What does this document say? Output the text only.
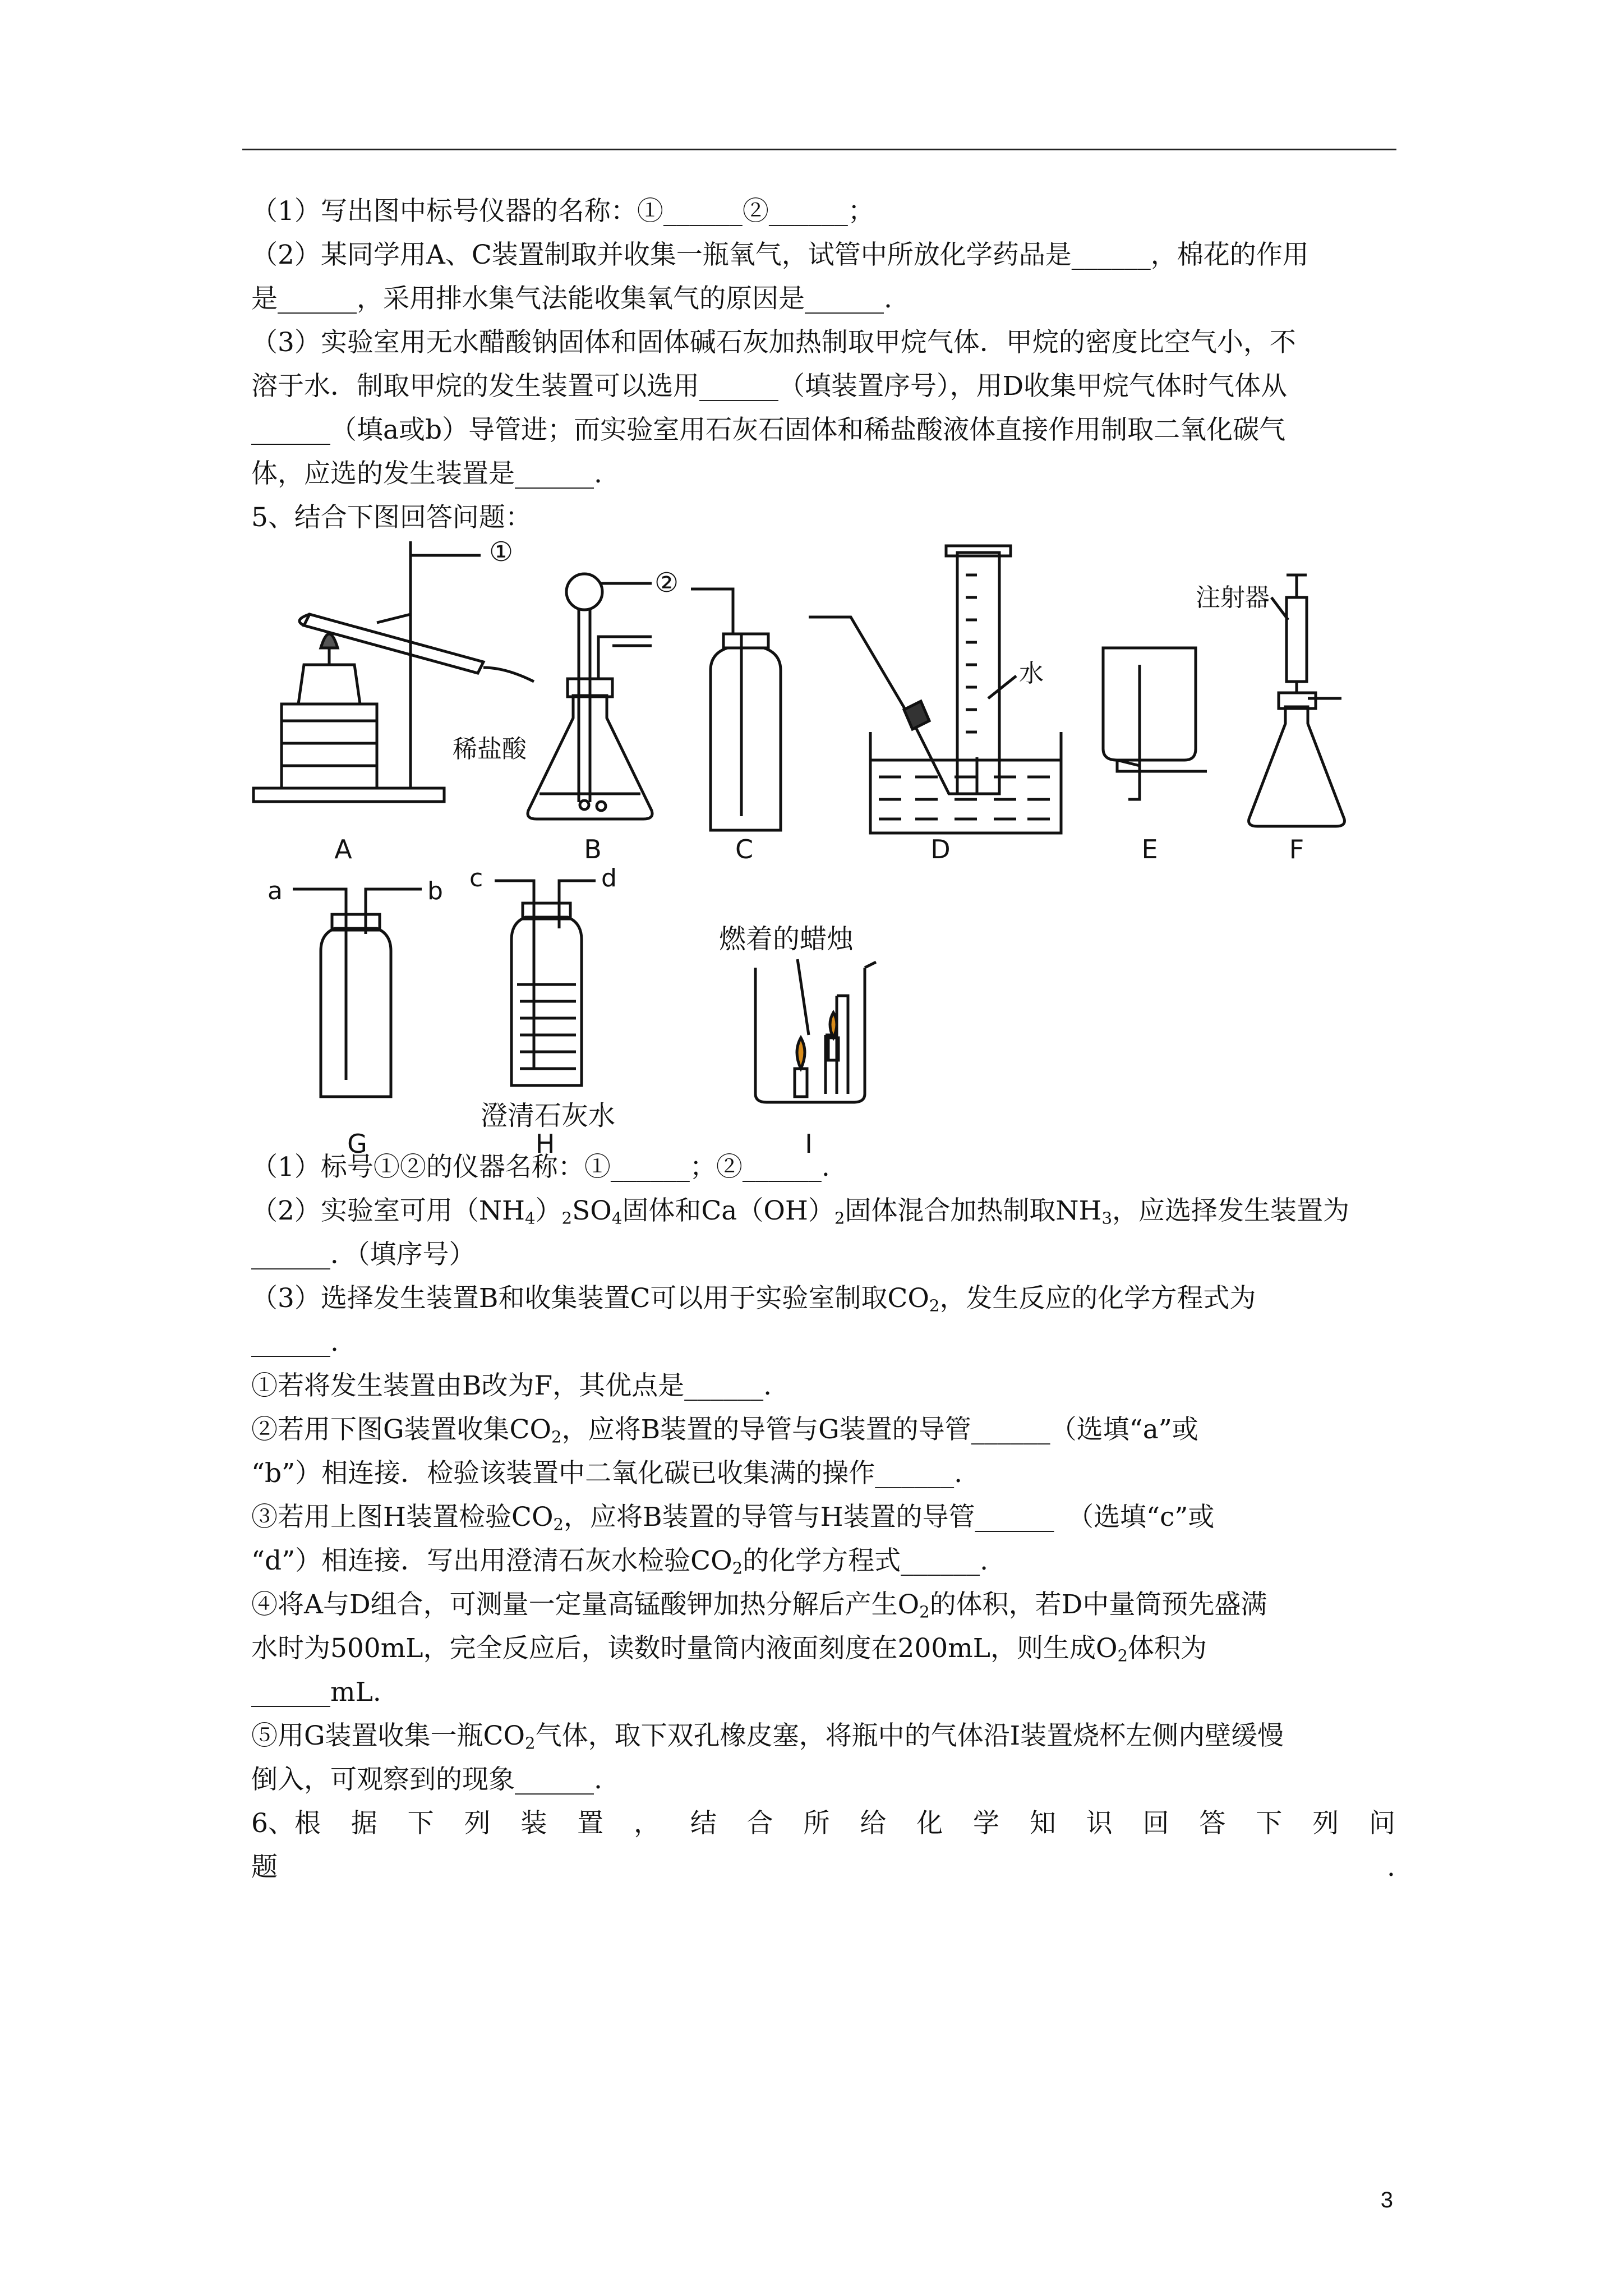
（1）写出图中标号仪器的名称：①______②______；
（2）某同学用A、C装置制取并收集一瓶氧气，试管中所放化学药品是______，棉花的作用
是______，采用排水集气法能收集氧气的原因是______.
（3）实验室用无水醋酸钠固体和固体碱石灰加热制取甲烷气体．甲烷的密度比空气小，不
溶于水．制取甲烷的发生装置可以选用______（填装置序号），用D收集甲烷气体时气体从
______（填a或b）导管进；而实验室用石灰石固体和稀盐酸液体直接作用制取二氧化碳气
体，应选的发生装置是______.
5、结合下图回答问题：
①
②
稀盐酸
水
注射器
A	B	C	D	E	F
a	b c	d
澄清石灰水
燃着的蜡烛
G	H	I
（1）标号①②的仪器名称：①______；②______.
（2）实验室可用$(NH_4)_2SO_4$固体和$Ca(OH)_2$固体混合加热制取$NH_3$，应选择发生装置为
______．（填序号）
（3）选择发生装置B和收集装置C可以用于实验室制取$CO_2$，发生反应的化学方程式为
______.
①若将发生装置由B改为F，其优点是______.
②若用下图G装置收集$CO_2$，应将B装置的导管与G装置的导管______（选填“a”或
“b”）相连接．检验该装置中二氧化碳已收集满的操作______.
③若用上图H装置检验$CO_2$，应将B装置的导管与H装置的导管______　（选填“c”或
“d”）相连接．写出用澄清石灰水检验$CO_2$的化学方程式______.
④将A与D组合，可测量一定量高锰酸钾加热分解后产生$O_2$的体积，若D中量筒预先盛满
水时为500mL，完全反应后，读数时量筒内液面刻度在200mL，则生成$O_2$体积为
______mL.
⑤用G装置收集一瓶$CO_2$气体，取下双孔橡皮塞，将瓶中的气体沿I装置烧杯左侧内壁缓慢
倒入，可观察到的现象______.
6、根 据 下 列 装 置 ， 结 合 所 给 化 学 知 识 回 答 下 列 问
题	.
3
